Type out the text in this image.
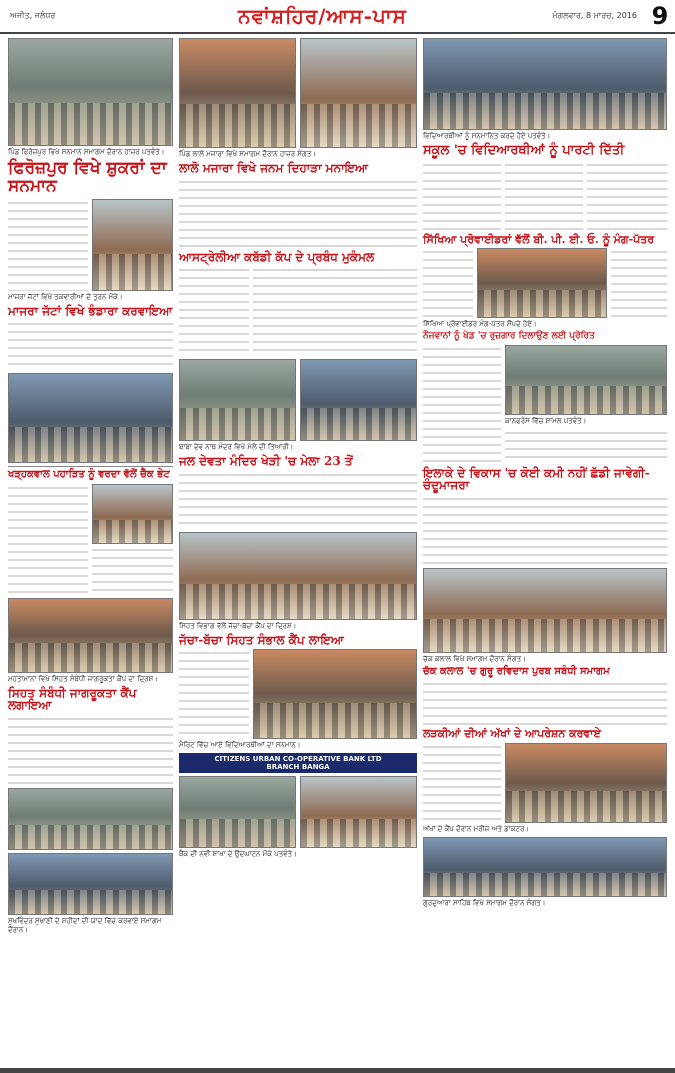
ਅਜੀਤ, ਜਲੰਧਰ	ਨਵਾਂਸ਼ਹਿਰ/ਆਸ-ਪਾਸ	ਮੰਗਲਵਾਰ, 8 ਮਾਰਚ, 2016 9
ਪਿੰਡ ਫਿਰੋਜ਼ਪੁਰ ਵਿਖੇ ਸਨਮਾਨ ਸਮਾਗਮ ਦੌਰਾਨ ਹਾਜ਼ਰ ਪਤਵੰਤੇ।
ਫਿਰੋਜ਼ਪੁਰ ਵਿਖੇ ਸ਼ੁਕਰਾਂ ਦਾ ਸਨਮਾਨ
ਮਾਜਰਾ ਜੱਟਾਂ ਵਿਖੇ ਤਕਵਾਰੀਆਂ ਦੇ ਤੁਰਨ ਮੌਕੇ।
ਮਾਜਰਾ ਜੱਟਾਂ ਵਿਖੇ ਭੰਡਾਰਾ ਕਰਵਾਇਆ
ਖੜ੍ਹਕਵਾਲ ਪਹਾੜਿਤ ਨੂੰ ਵਰਦਾ ਵੱਲੋਂ ਚੈੱਕ ਭੇਟ
ਮਹਤਾਮਾਨਾ ਵਿਖੇ ਸਿਹਤ ਸੰਬੰਧੀ ਜਾਗਰੂਕਤਾ ਕੈਂਪ ਦਾ ਦ੍ਰਿਸ਼।
ਸਿਹਤ ਸੰਬੰਧੀ ਜਾਗਰੂਕਤਾ ਕੈਂਪ ਲਗਾਇਆ
ਸੁਖਵਿੰਦਰ ਸੁਖਾਣੀ ਦੇ ਸ਼ਹੀਦਾਂ ਦੀ ਯਾਦ ਵਿੱਚ ਕਰਵਾਏ ਸਮਾਗਮ ਦੌਰਾਨ।
ਪਿੰਡ ਲਾਲੋ ਮਜਾਰਾ ਵਿਖੇ ਸਮਾਗਮ ਦੌਰਾਨ ਹਾਜ਼ਰ ਸੰਗਤ।
ਲਾਲੋ ਮਜਾਰਾ ਵਿਖੇ ਜਨਮ ਦਿਹਾੜਾ ਮਨਾਇਆ
ਆਸਟ੍ਰੇਲੀਆ ਕਬੱਡੀ ਕੱਪ ਦੇ ਪ੍ਰਬੰਧ ਮੁਕੰਮਲ
ਬਾਬਾ ਦੇਵ ਨਾਥ ਮੰਦਰ ਵਿਖੇ ਮੇਲੇ ਦੀ ਤਿਆਰੀ।
ਜਲ ਦੇਵਤਾ ਮੰਦਿਰ ਖੇੜੀ 'ਚ ਮੇਲਾ 23 ਤੋਂ
ਸਿਹਤ ਵਿਭਾਗ ਵੱਲੋਂ ਜੱਚਾ-ਬੱਚਾ ਕੈਂਪ ਦਾ ਦ੍ਰਿਸ਼।
ਜੱਚਾ-ਬੱਚਾ ਸਿਹਤ ਸੰਭਾਲ ਕੈਂਪ ਲਾਇਆ
ਮੈਰਿਟ ਵਿੱਚ ਆਏ ਵਿਦਿਆਰਥੀਆਂ ਦਾ ਸਨਮਾਨ।
CITIZENS URBAN CO-OPERATIVE BANK LTD
BRANCH BANGA
ਬੈਂਕ ਦੀ ਨਵੀਂ ਸ਼ਾਖਾ ਦੇ ਉਦਘਾਟਨ ਮੌਕੇ ਪਤਵੰਤੇ।
ਵਿਦਿਆਰਥੀਆਂ ਨੂੰ ਸਨਮਾਨਿਤ ਕਰਦੇ ਹੋਏ ਪਤਵੰਤੇ।
ਸਕੂਲ 'ਚ ਵਿਦਿਆਰਥੀਆਂ ਨੂੰ ਪਾਰਟੀ ਦਿੱਤੀ
ਸਿੱਖਿਆ ਪ੍ਰੋਵਾਈਡਰਾਂ ਵੱਲੋਂ ਬੀ. ਪੀ. ਈ. ਓ. ਨੂੰ ਮੰਗ-ਪੱਤਰ
ਸਿੱਖਿਆ ਪ੍ਰੋਵਾਈਡਰ ਮੰਗ-ਪੱਤਰ ਸੌਂਪਦੇ ਹੋਏ।
ਨੌਜਵਾਨਾਂ ਨੂੰ ਖੇਡ 'ਚ ਰੁਜ਼ਗਾਰ ਦਿਲਾਉਣ ਲਈ ਪ੍ਰੇਰਿਤ
ਕਾਨਫਰੰਸ ਵਿੱਚ ਸ਼ਾਮਲ ਪਤਵੰਤੇ।
ਇਲਾਕੇ ਦੇ ਵਿਕਾਸ 'ਚ ਕੋਈ ਕਮੀ ਨਹੀਂ ਛੱਡੀ ਜਾਵੇਗੀ-ਚੰਦੂਮਾਜਰਾ
ਚੱਕ ਕਲਾਲ ਵਿਖੇ ਸਮਾਗਮ ਦੌਰਾਨ ਸੰਗਤ।
ਚੱਕ ਕਲਾਲ 'ਚ ਗੁਰੂ ਰਵਿਦਾਸ ਪੁਰਬ ਸਬੰਧੀ ਸਮਾਗਮ
ਲੜਕੀਆਂ ਦੀਆਂ ਅੱਖਾਂ ਦੇ ਆਪਰੇਸ਼ਨ ਕਰਵਾਏ
ਅੱਖਾਂ ਦੇ ਕੈਂਪ ਦੌਰਾਨ ਮਰੀਜ਼ ਅਤੇ ਡਾਕਟਰ।
ਗੁਰਦੁਆਰਾ ਸਾਹਿਬ ਵਿਖੇ ਸਮਾਗਮ ਦੌਰਾਨ ਸੰਗਤ।
